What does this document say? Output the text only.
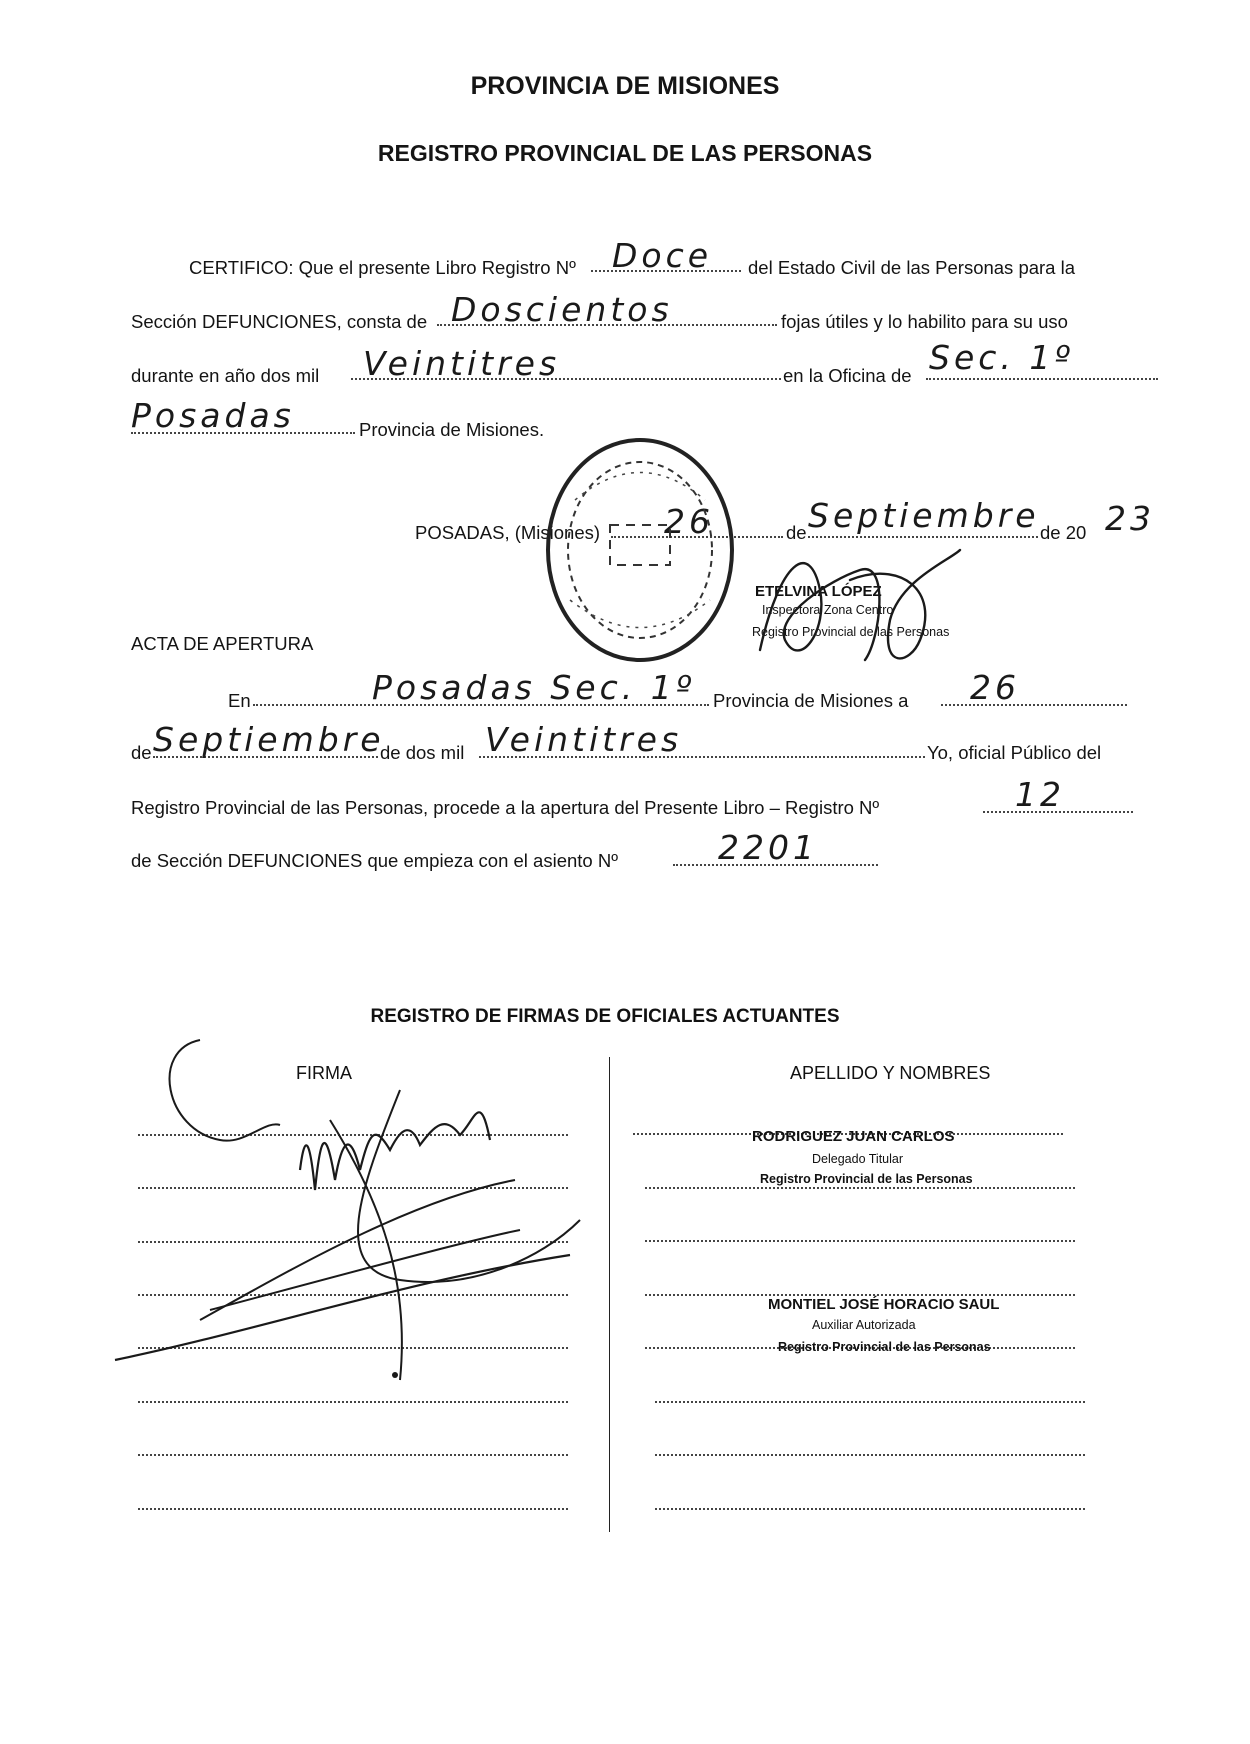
PROVINCIA DE MISIONES
REGISTRO PROVINCIAL DE LAS PERSONAS
CERTIFICO: Que el presente Libro Registro Nº Doce del Estado Civil de las Personas para la
Sección DEFUNCIONES, consta de Doscientos	fojas útiles y lo habilito para su uso
durante en año dos mil Veintitres	en la Oficina de Sec. 1º
Posadas	Provincia de Misiones.
POSADAS, (Misiones) 26	de Septiembre de 20 23
ETELVINA LÓPEZ
Inspectora Zona Centro
Registro Provincial de las Personas
ACTA DE APERTURA
En	Posadas Sec. 1º Provincia de Misiones a 26
de Septiembre
de dos mil Veintitres	Yo, oficial Público del
Registro Provincial de las Personas, procede a la apertura del Presente Libro – Registro Nº	12
de Sección DEFUNCIONES que empieza con el asiento Nº	2201
REGISTRO DE FIRMAS DE OFICIALES ACTUANTES
FIRMA	APELLIDO Y NOMBRES
RODRIGUEZ JUAN CARLOS
Delegado Titular
Registro Provincial de las Personas
MONTIEL JOSÉ HORACIO SAUL
Auxiliar Autorizada
Registro Provincial de las Personas
